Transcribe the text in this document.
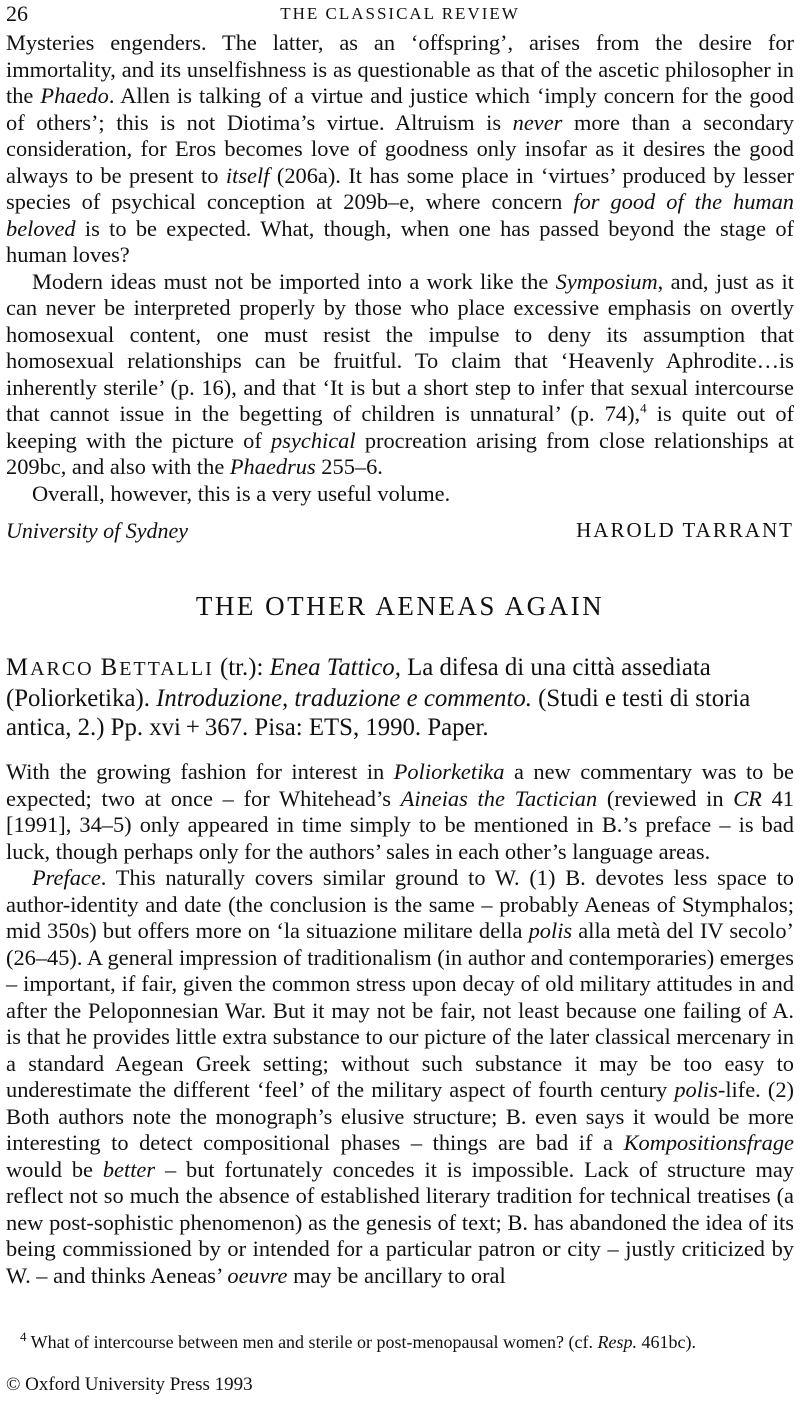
26	THE CLASSICAL REVIEW

Mysteries engenders. The latter, as an ‘offspring’, arises from the desire for immortality, and its unselfishness is as questionable as that of the ascetic philosopher in the Phaedo. Allen is talking of a virtue and justice which ‘imply concern for the good of others’; this is not Diotima’s virtue. Altruism is never more than a secondary consideration, for Eros becomes love of goodness only insofar as it desires the good always to be present to itself (206a). It has some place in ‘virtues’ produced by lesser species of psychical conception at 209b–e, where concern for good of the human beloved is to be expected. What, though, when one has passed beyond the stage of human loves?

Modern ideas must not be imported into a work like the Symposium, and, just as it can never be interpreted properly by those who place excessive emphasis on overtly homosexual content, one must resist the impulse to deny its assumption that homosexual relationships can be fruitful. To claim that ‘Heavenly Aphrodite…is inherently sterile’ (p. 16), and that ‘It is but a short step to infer that sexual intercourse that cannot issue in the begetting of children is unnatural’ (p. 74),$^4$ is quite out of keeping with the picture of psychical procreation arising from close relationships at 209bc, and also with the Phaedrus 255–6.

Overall, however, this is a very useful volume.

University of Sydney	HAROLD TARRANT
THE OTHER AENEAS AGAIN
MARCO BETTALLI (tr.): Enea Tattico, La difesa di una città assediata (Poliorketika). Introduzione, traduzione e commento. (Studi e testi di storia antica, 2.) Pp. xvi + 367. Pisa: ETS, 1990. Paper.

With the growing fashion for interest in Poliorketika a new commentary was to be expected; two at once – for Whitehead’s Aineias the Tactician (reviewed in CR 41 [1991], 34–5) only appeared in time simply to be mentioned in B.’s preface – is bad luck, though perhaps only for the authors’ sales in each other’s language areas.

Preface. This naturally covers similar ground to W. (1) B. devotes less space to author-identity and date (the conclusion is the same – probably Aeneas of Stymphalos; mid 350s) but offers more on ‘la situazione militare della polis alla metà del IV secolo’ (26–45). A general impression of traditionalism (in author and contemporaries) emerges – important, if fair, given the common stress upon decay of old military attitudes in and after the Peloponnesian War. But it may not be fair, not least because one failing of A. is that he provides little extra substance to our picture of the later classical mercenary in a standard Aegean Greek setting; without such substance it may be too easy to underestimate the different ‘feel’ of the military aspect of fourth century polis-life. (2) Both authors note the monograph’s elusive structure; B. even says it would be more interesting to detect compositional phases – things are bad if a Kompositionsfrage would be better – but fortunately concedes it is impossible. Lack of structure may reflect not so much the absence of established literary tradition for technical treatises (a new post-sophistic phenomenon) as the genesis of text; B. has abandoned the idea of its being commissioned by or intended for a particular patron or city – justly criticized by W. – and thinks Aeneas’ oeuvre may be ancillary to oral

$^4$ What of intercourse between men and sterile or post-menopausal women? (cf. Resp. 461bc).
© Oxford University Press 1993
